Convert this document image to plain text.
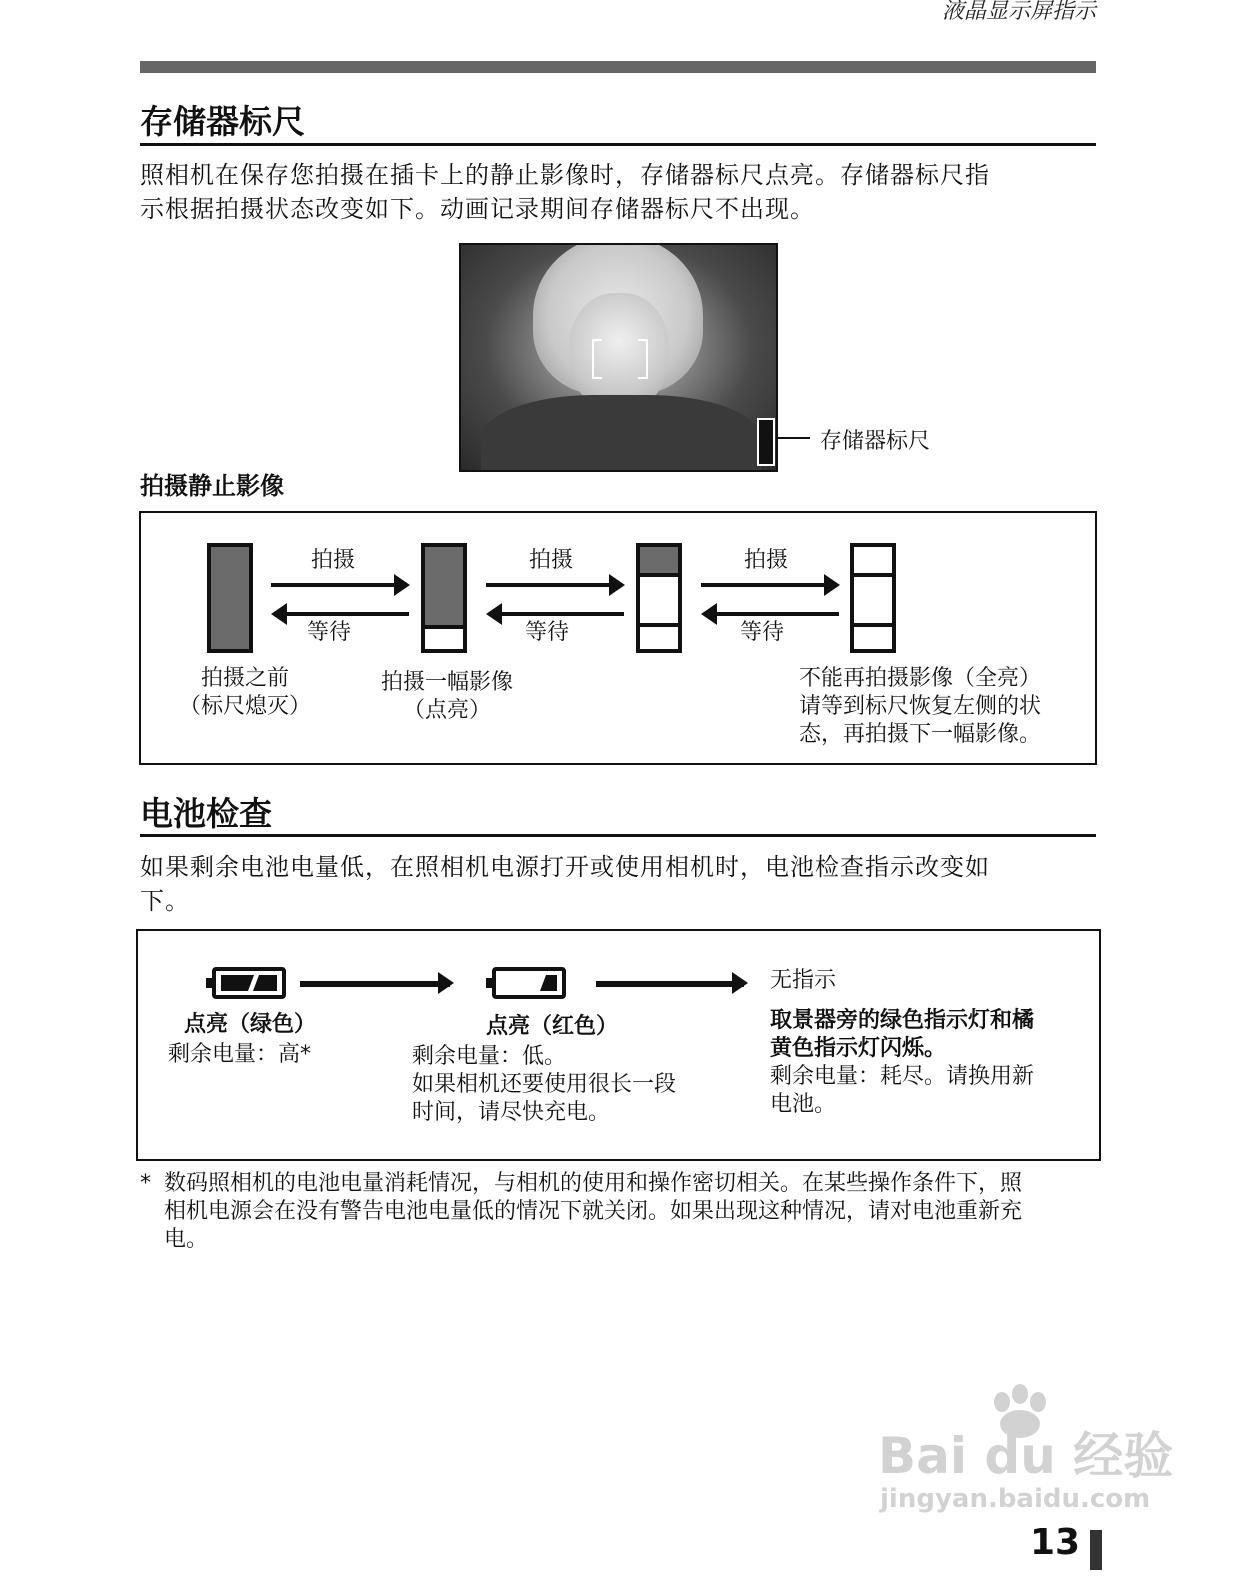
液晶显示屏指示
存储器标尺
照相机在保存您拍摄在插卡上的静止影像时，存储器标尺点亮。存储器标尺指
示根据拍摄状态改变如下。动画记录期间存储器标尺不出现。
存储器标尺
拍摄静止影像
拍摄
等待
拍摄
等待
拍摄
等待
拍摄之前
（标尺熄灭）
拍摄一幅影像
（点亮）
不能再拍摄影像（全亮）
请等到标尺恢复左侧的状
态，再拍摄下一幅影像。
电池检查
如果剩余电池电量低，在照相机电源打开或使用相机时，电池检查指示改变如
下。
点亮（绿色）
剩余电量：高*
点亮（红色）
剩余电量：低。
如果相机还要使用很长一段
时间，请尽快充电。
无指示
取景器旁的绿色指示灯和橘
黄色指示灯闪烁。
剩余电量：耗尽。请换用新
电池。
* 数码照相机的电池电量消耗情况，与相机的使用和操作密切相关。在某些操作条件下，照
相机电源会在没有警告电池电量低的情况下就关闭。如果出现这种情况，请对电池重新充
电。
Bai du 经验
jingyan.baidu.com
13
